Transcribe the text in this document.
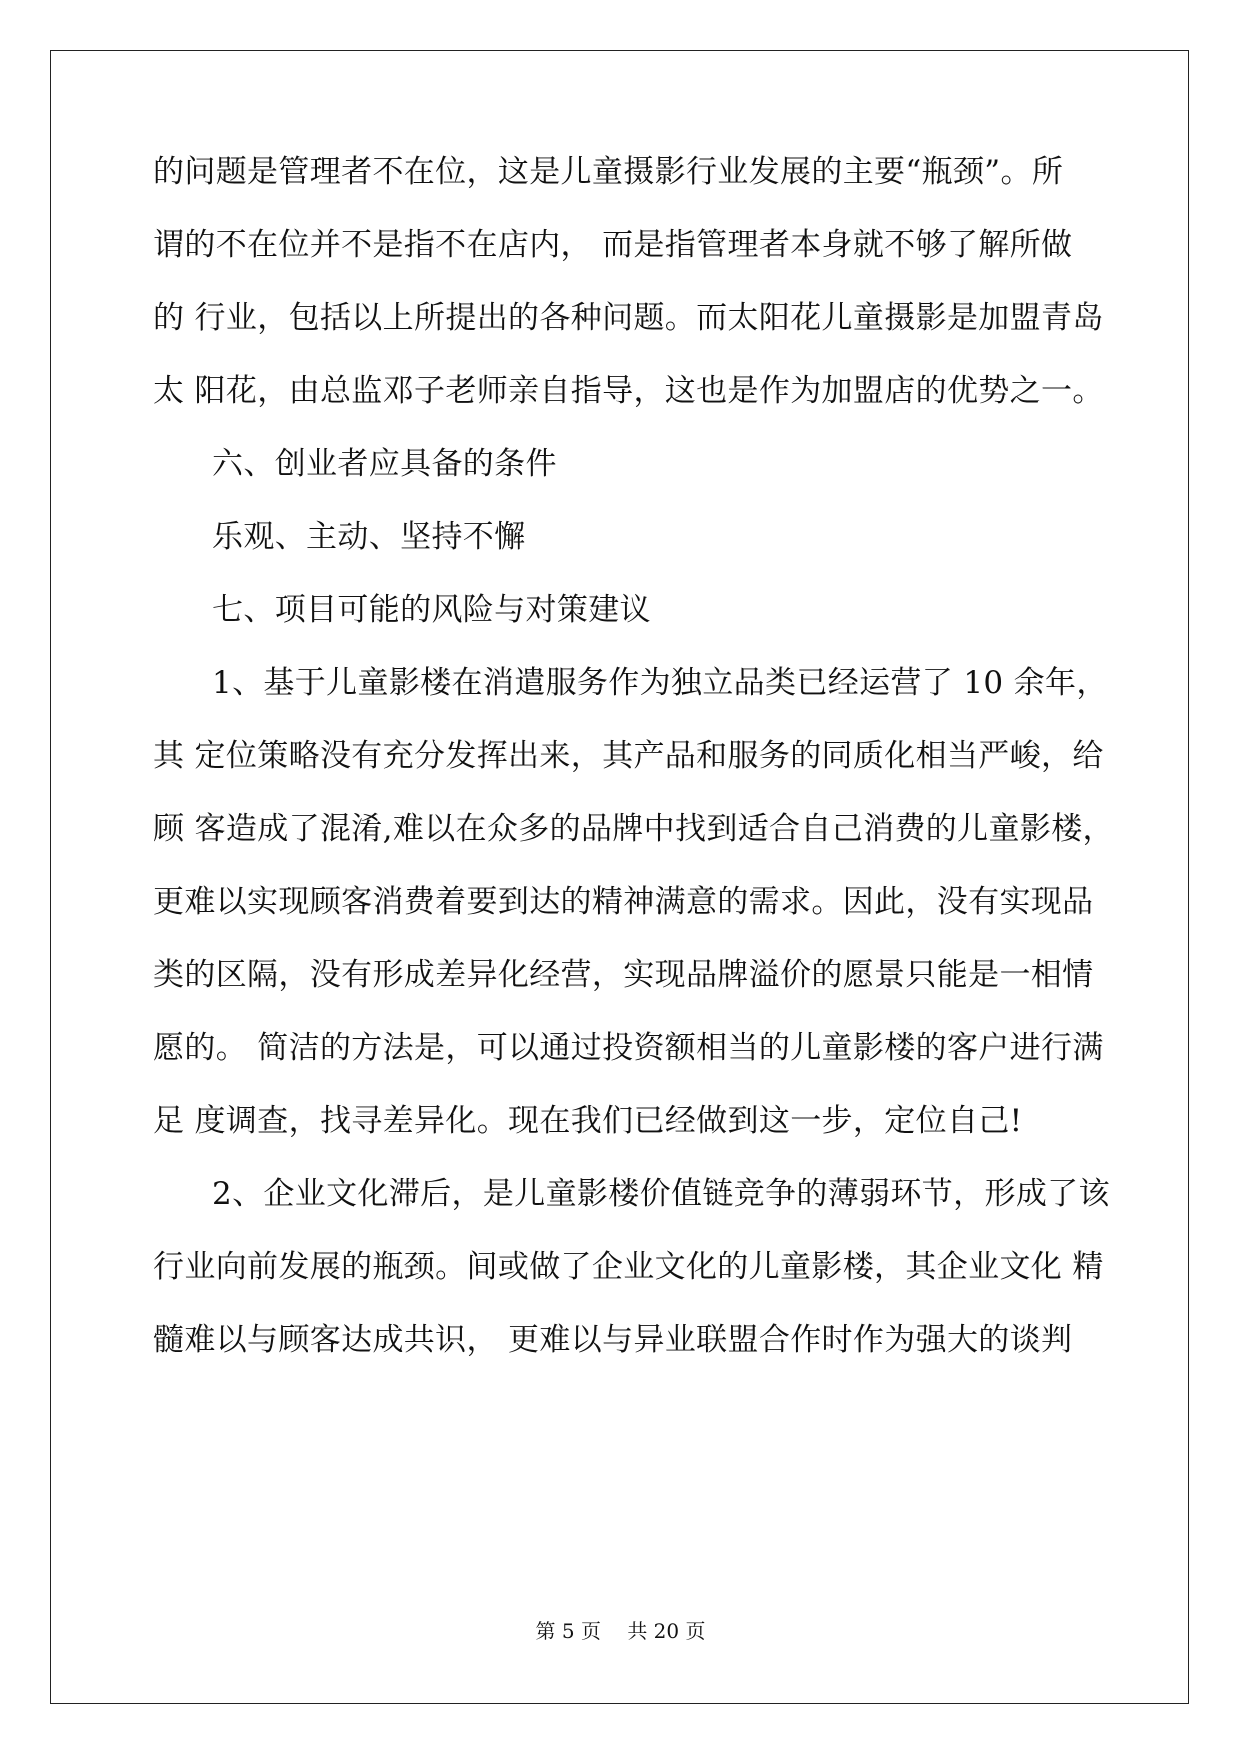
的问题是管理者不在位，这是儿童摄影行业发展的主要“瓶颈”。所
谓的不在位并不是指不在店内， 而是指管理者本身就不够了解所做
的 行业，包括以上所提出的各种问题。而太阳花儿童摄影是加盟青岛
太 阳花，由总监邓子老师亲自指导，这也是作为加盟店的优势之一。
六、创业者应具备的条件
乐观、主动、坚持不懈
七、项目可能的风险与对策建议
1、基于儿童影楼在消遣服务作为独立品类已经运营了 10 余年，
其 定位策略没有充分发挥出来，其产品和服务的同质化相当严峻，给
顾 客造成了混淆,难以在众多的品牌中找到适合自己消费的儿童影楼，
更难以实现顾客消费着要到达的精神满意的需求。因此，没有实现品
类的区隔，没有形成差异化经营，实现品牌溢价的愿景只能是一相情
愿的。 简洁的方法是，可以通过投资额相当的儿童影楼的客户进行满
足 度调查，找寻差异化。现在我们已经做到这一步，定位自己!
2、企业文化滞后，是儿童影楼价值链竞争的薄弱环节，形成了该
行业向前发展的瓶颈。间或做了企业文化的儿童影楼，其企业文化 精
髓难以与顾客达成共识， 更难以与异业联盟合作时作为强大的谈判
第 5 页 共 20 页
